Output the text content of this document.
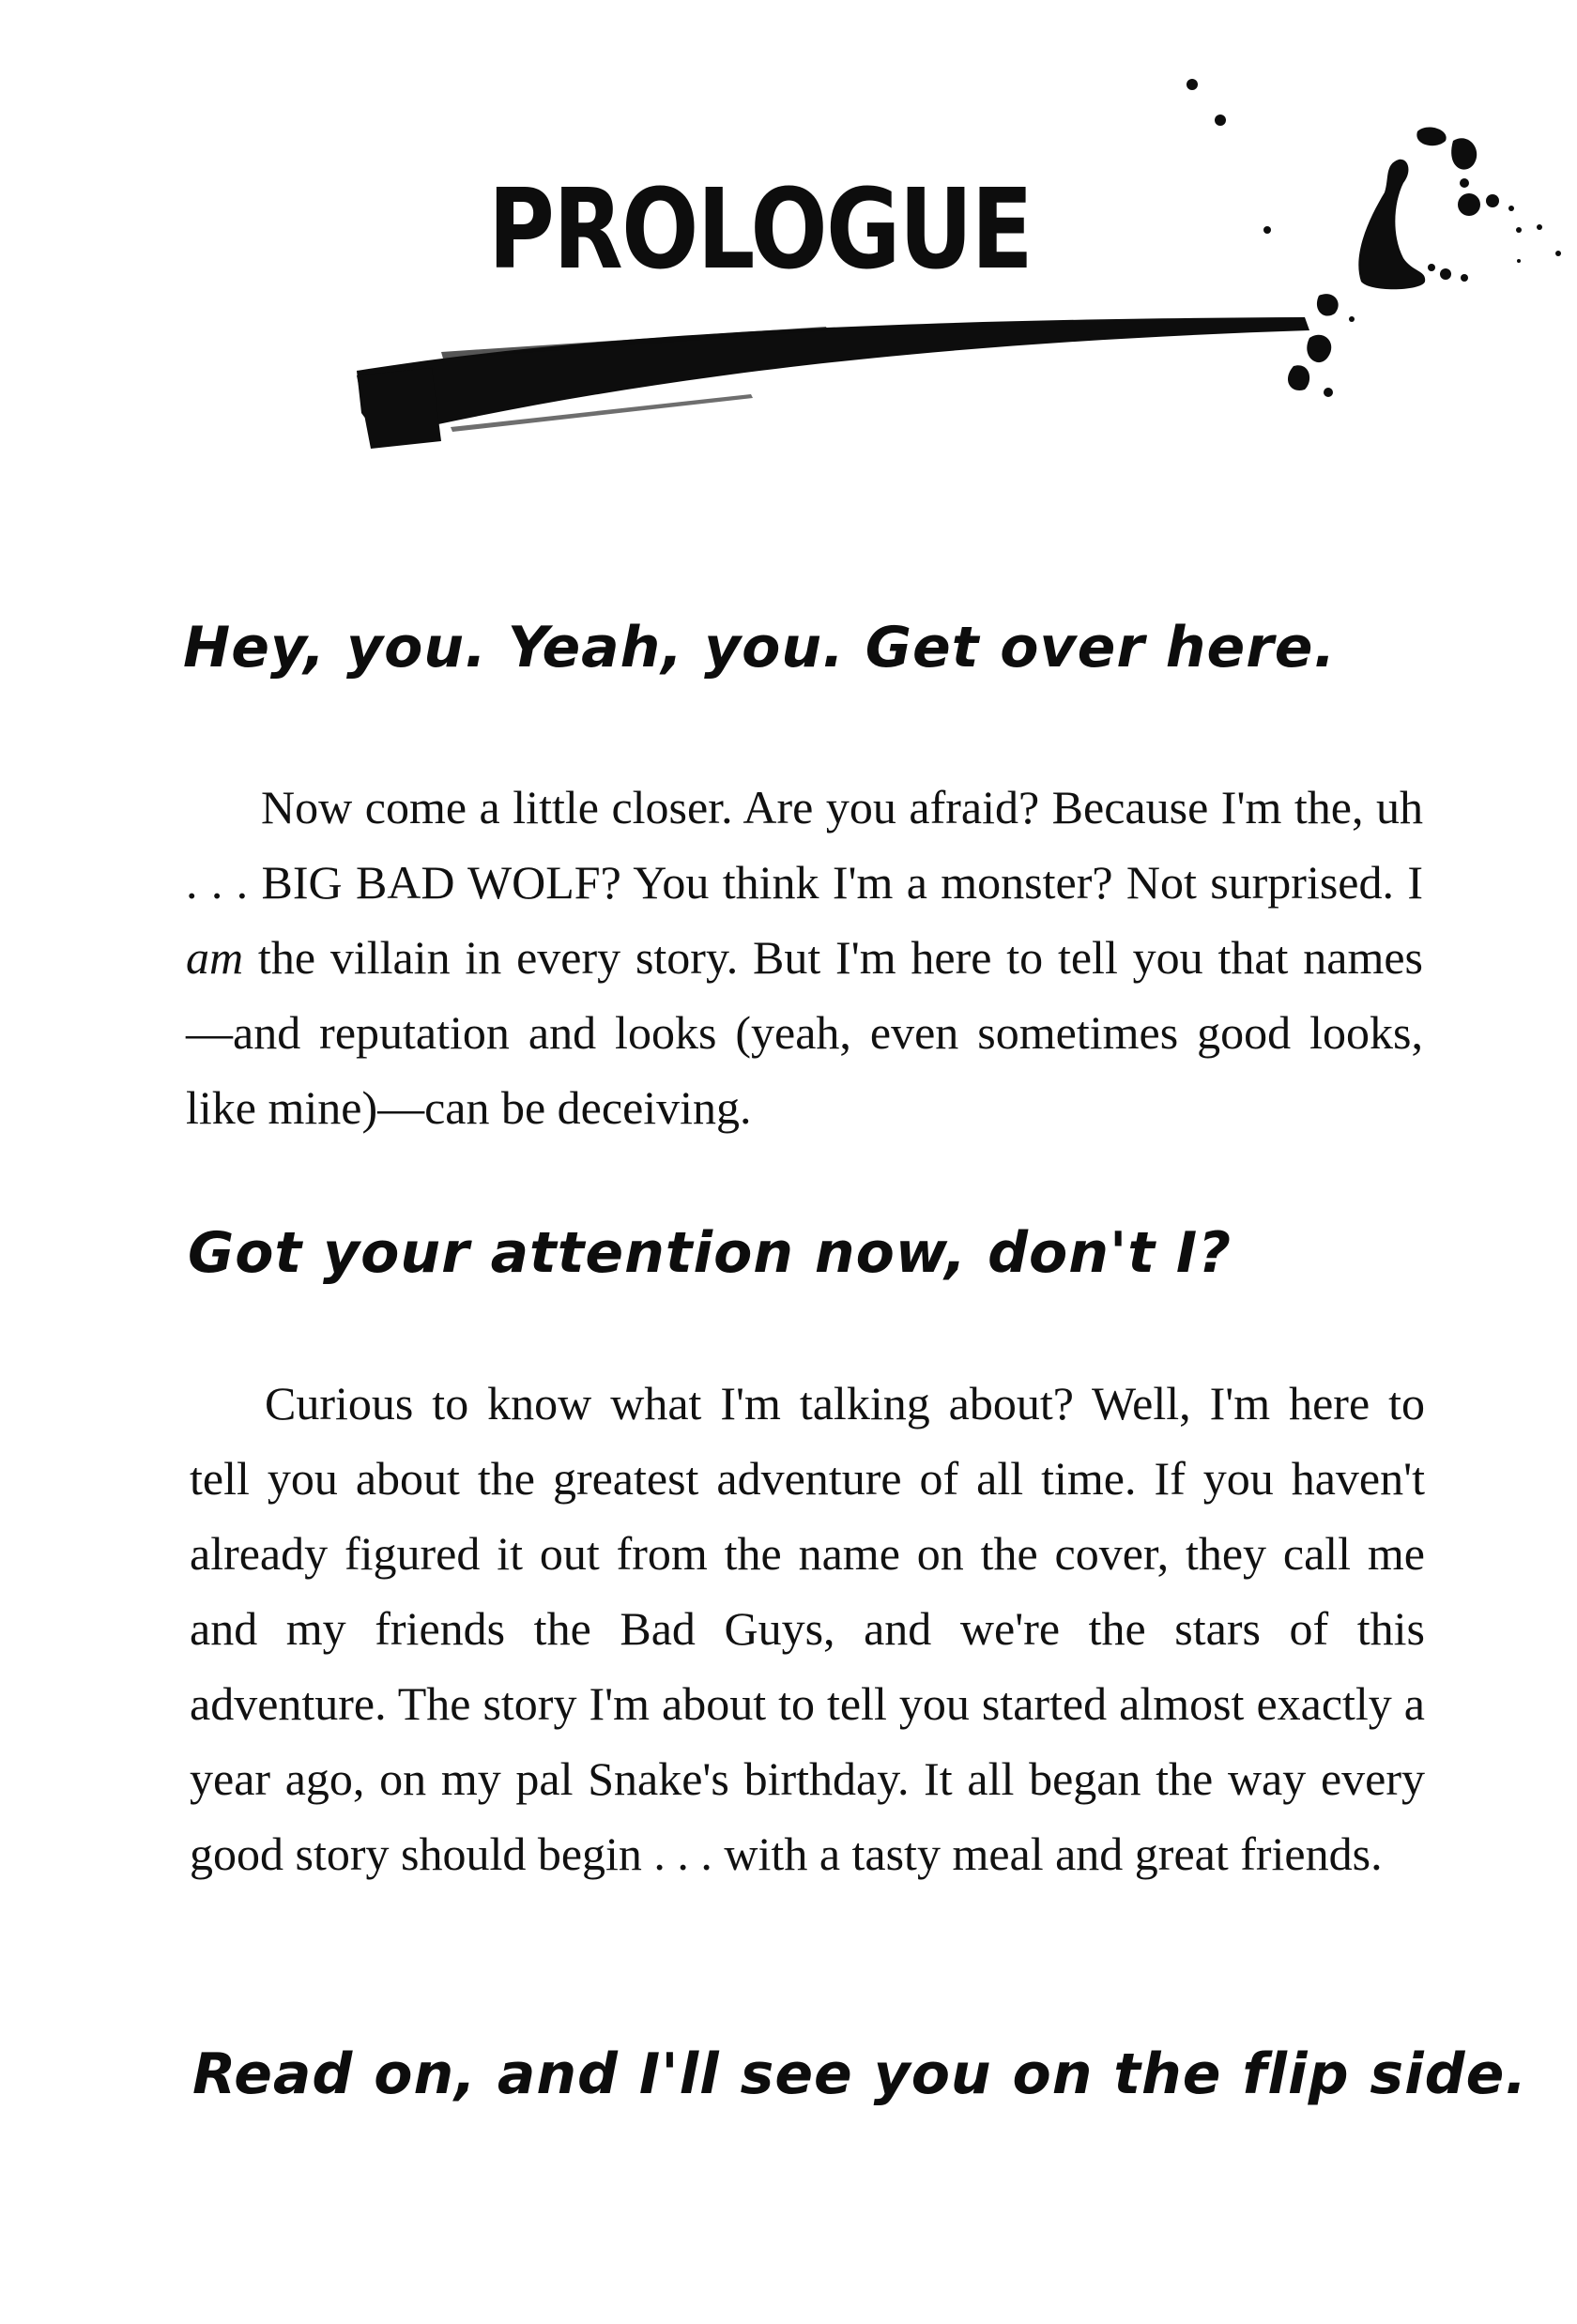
PROLOGUE

Hey, you. Yeah, you. Get over here.

Now come a little closer. Are you afraid? Because I'm the, uh . . . BIG BAD WOLF? You think I'm a monster? Not surprised. I am the villain in every story. But I'm here to tell you that names—and reputation and looks (yeah, even sometimes good looks, like mine)—can be deceiving.

Got your attention now, don't I?

Curious to know what I'm talking about? Well, I'm here to tell you about the greatest adventure of all time. If you haven't already figured it out from the name on the cover, they call me and my friends the Bad Guys, and we're the stars of this adventure. The story I'm about to tell you started almost exactly a year ago, on my pal Snake's birthday. It all began the way every good story should begin . . . with a tasty meal and great friends.

Read on, and I'll see you on the flip side.
